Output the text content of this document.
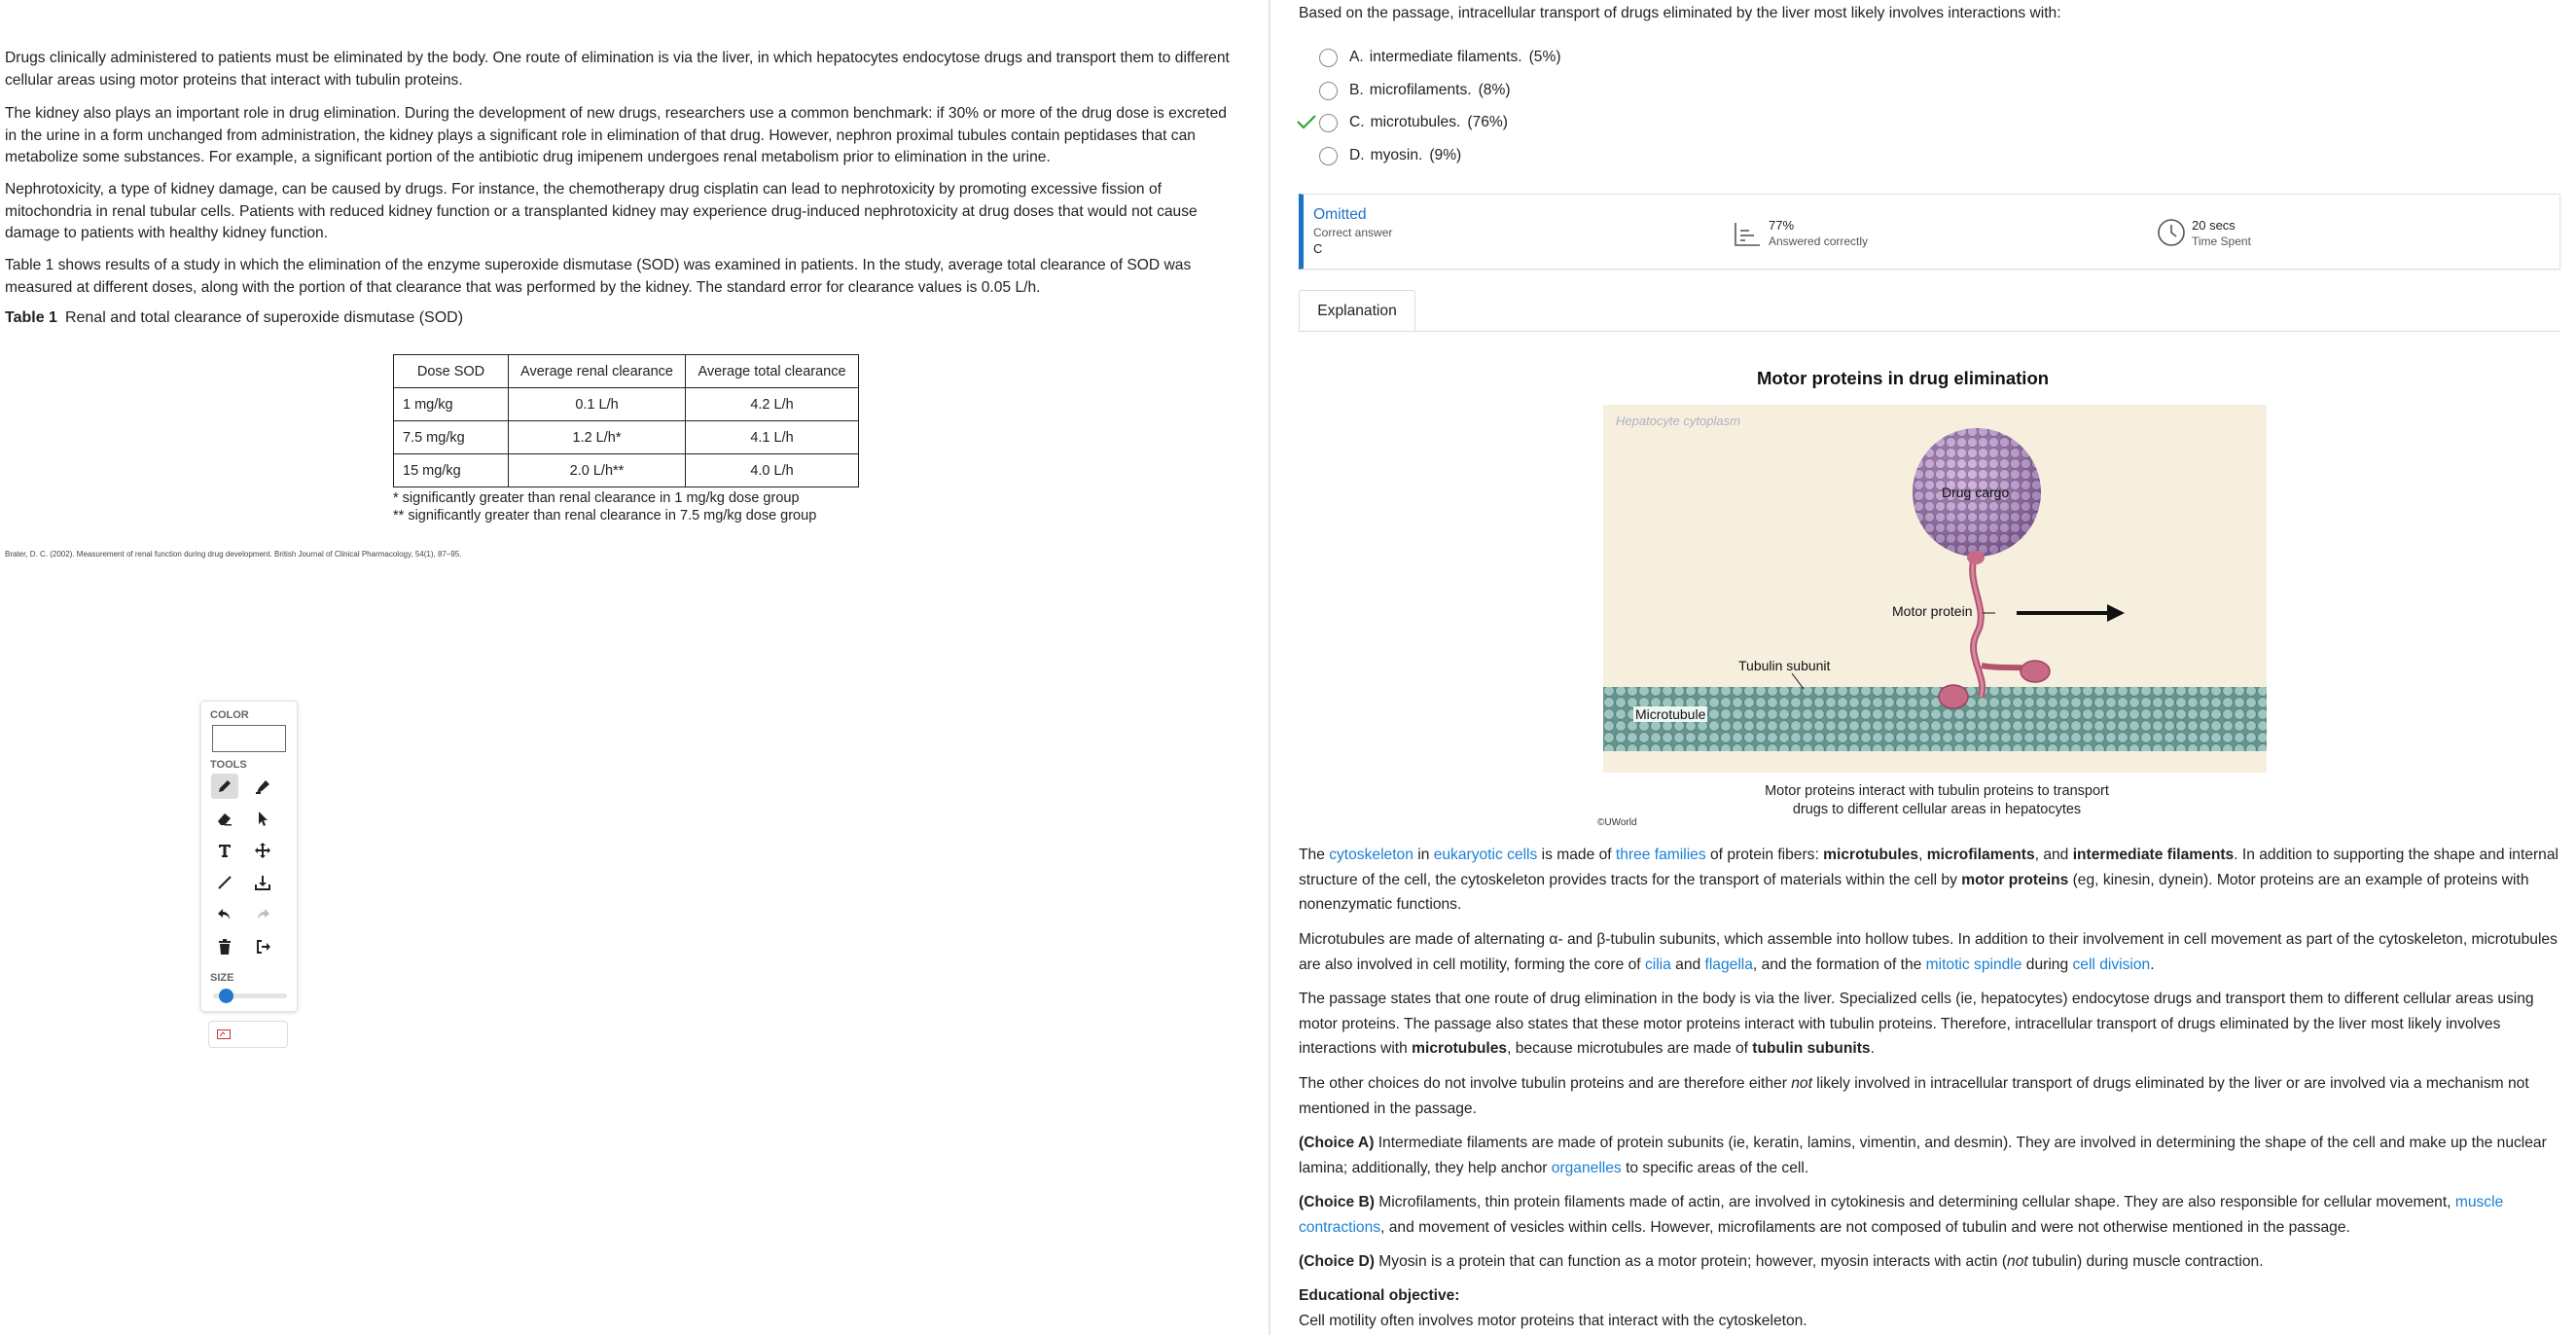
Drugs clinically administered to patients must be eliminated by the body. One route of elimination is via the liver, in which hepatocytes endocytose drugs and transport them to different cellular areas using motor proteins that interact with tubulin proteins.

The kidney also plays an important role in drug elimination. During the development of new drugs, researchers use a common benchmark: if 30% or more of the drug dose is excreted in the urine in a form unchanged from administration, the kidney plays a significant role in elimination of that drug. However, nephron proximal tubules contain peptidases that can metabolize some substances. For example, a significant portion of the antibiotic drug imipenem undergoes renal metabolism prior to elimination in the urine.

Nephrotoxicity, a type of kidney damage, can be caused by drugs. For instance, the chemotherapy drug cisplatin can lead to nephrotoxicity by promoting excessive fission of mitochondria in renal tubular cells. Patients with reduced kidney function or a transplanted kidney may experience drug-induced nephrotoxicity at drug doses that would not cause damage to patients with healthy kidney function.

Table 1 shows results of a study in which the elimination of the enzyme superoxide dismutase (SOD) was examined in patients. In the study, average total clearance of SOD was measured at different doses, along with the portion of that clearance that was performed by the kidney. The standard error for clearance values is 0.05 L/h.

Table 1 Renal and total clearance of superoxide dismutase (SOD)
Dose SOD	Average renal clearance	Average total clearance
1 mg/kg	0.1 L/h	4.2 L/h
7.5 mg/kg	1.2 L/h*	4.1 L/h
15 mg/kg	2.0 L/h**	4.0 L/h
* significantly greater than renal clearance in 1 mg/kg dose group
** significantly greater than renal clearance in 7.5 mg/kg dose group
Brater, D. C. (2002). Measurement of renal function during drug development. British Journal of Clinical Pharmacology, 54(1), 87–95.
COLOR
TOOLS
SIZE
Based on the passage, intracellular transport of drugs eliminated by the liver most likely involves interactions with:
A. intermediate filaments. (5%)
B. microfilaments. (8%)
C. microtubules. (76%)
D. myosin. (9%)
Omitted
Correct answer
C
77%
Answered correctly
20 secs
Time Spent
Explanation
Motor proteins in drug elimination
Hepatocyte cytoplasm
Drug cargo
Motor protein
Tubulin subunit
Microtubule
Motor proteins interact with tubulin proteins to transport
drugs to different cellular areas in hepatocytes
©UWorld

The cytoskeleton in eukaryotic cells is made of three families of protein fibers: microtubules, microfilaments, and intermediate filaments. In addition to supporting the shape and internal structure of the cell, the cytoskeleton provides tracts for the transport of materials within the cell by motor proteins (eg, kinesin, dynein). Motor proteins are an example of proteins with nonenzymatic functions.

Microtubules are made of alternating α- and β-tubulin subunits, which assemble into hollow tubes. In addition to their involvement in cell movement as part of the cytoskeleton, microtubules are also involved in cell motility, forming the core of cilia and flagella, and the formation of the mitotic spindle during cell division.

The passage states that one route of drug elimination in the body is via the liver. Specialized cells (ie, hepatocytes) endocytose drugs and transport them to different cellular areas using motor proteins. The passage also states that these motor proteins interact with tubulin proteins. Therefore, intracellular transport of drugs eliminated by the liver most likely involves interactions with microtubules, because microtubules are made of tubulin subunits.

The other choices do not involve tubulin proteins and are therefore either not likely involved in intracellular transport of drugs eliminated by the liver or are involved via a mechanism not mentioned in the passage.

(Choice A) Intermediate filaments are made of protein subunits (ie, keratin, lamins, vimentin, and desmin). They are involved in determining the shape of the cell and make up the nuclear lamina; additionally, they help anchor organelles to specific areas of the cell.

(Choice B) Microfilaments, thin protein filaments made of actin, are involved in cytokinesis and determining cellular shape. They are also responsible for cellular movement, muscle contractions, and movement of vesicles within cells. However, microfilaments are not composed of tubulin and were not otherwise mentioned in the passage.

(Choice D) Myosin is a protein that can function as a motor protein; however, myosin interacts with actin (not tubulin) during muscle contraction.

Educational objective:

Cell motility often involves motor proteins that interact with the cytoskeleton.
